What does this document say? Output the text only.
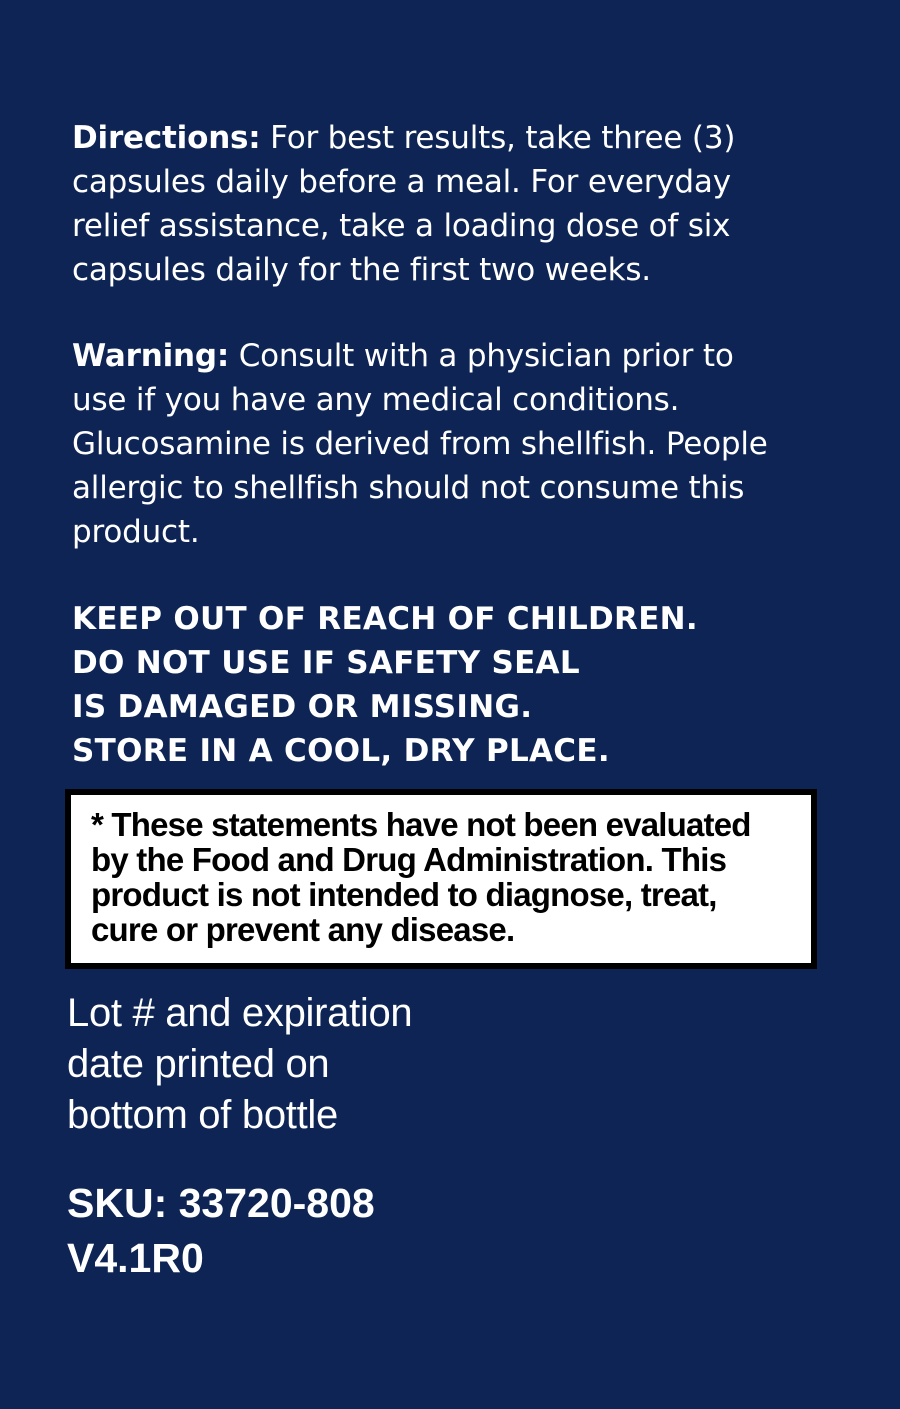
Directions: For best results, take three (3)
capsules daily before a meal. For everyday
relief assistance, take a loading dose of six
capsules daily for the first two weeks.
Warning: Consult with a physician prior to
use if you have any medical conditions.
Glucosamine is derived from shellfish. People
allergic to shellfish should not consume this
product.
KEEP OUT OF REACH OF CHILDREN.
DO NOT USE IF SAFETY SEAL
IS DAMAGED OR MISSING.
STORE IN A COOL, DRY PLACE.
* These statements have not been evaluated
by the Food and Drug Administration. This
product is not intended to diagnose, treat,
cure or prevent any disease.
Lot # and expiration
date printed on
bottom of bottle
SKU: 33720-808
V4.1R0
